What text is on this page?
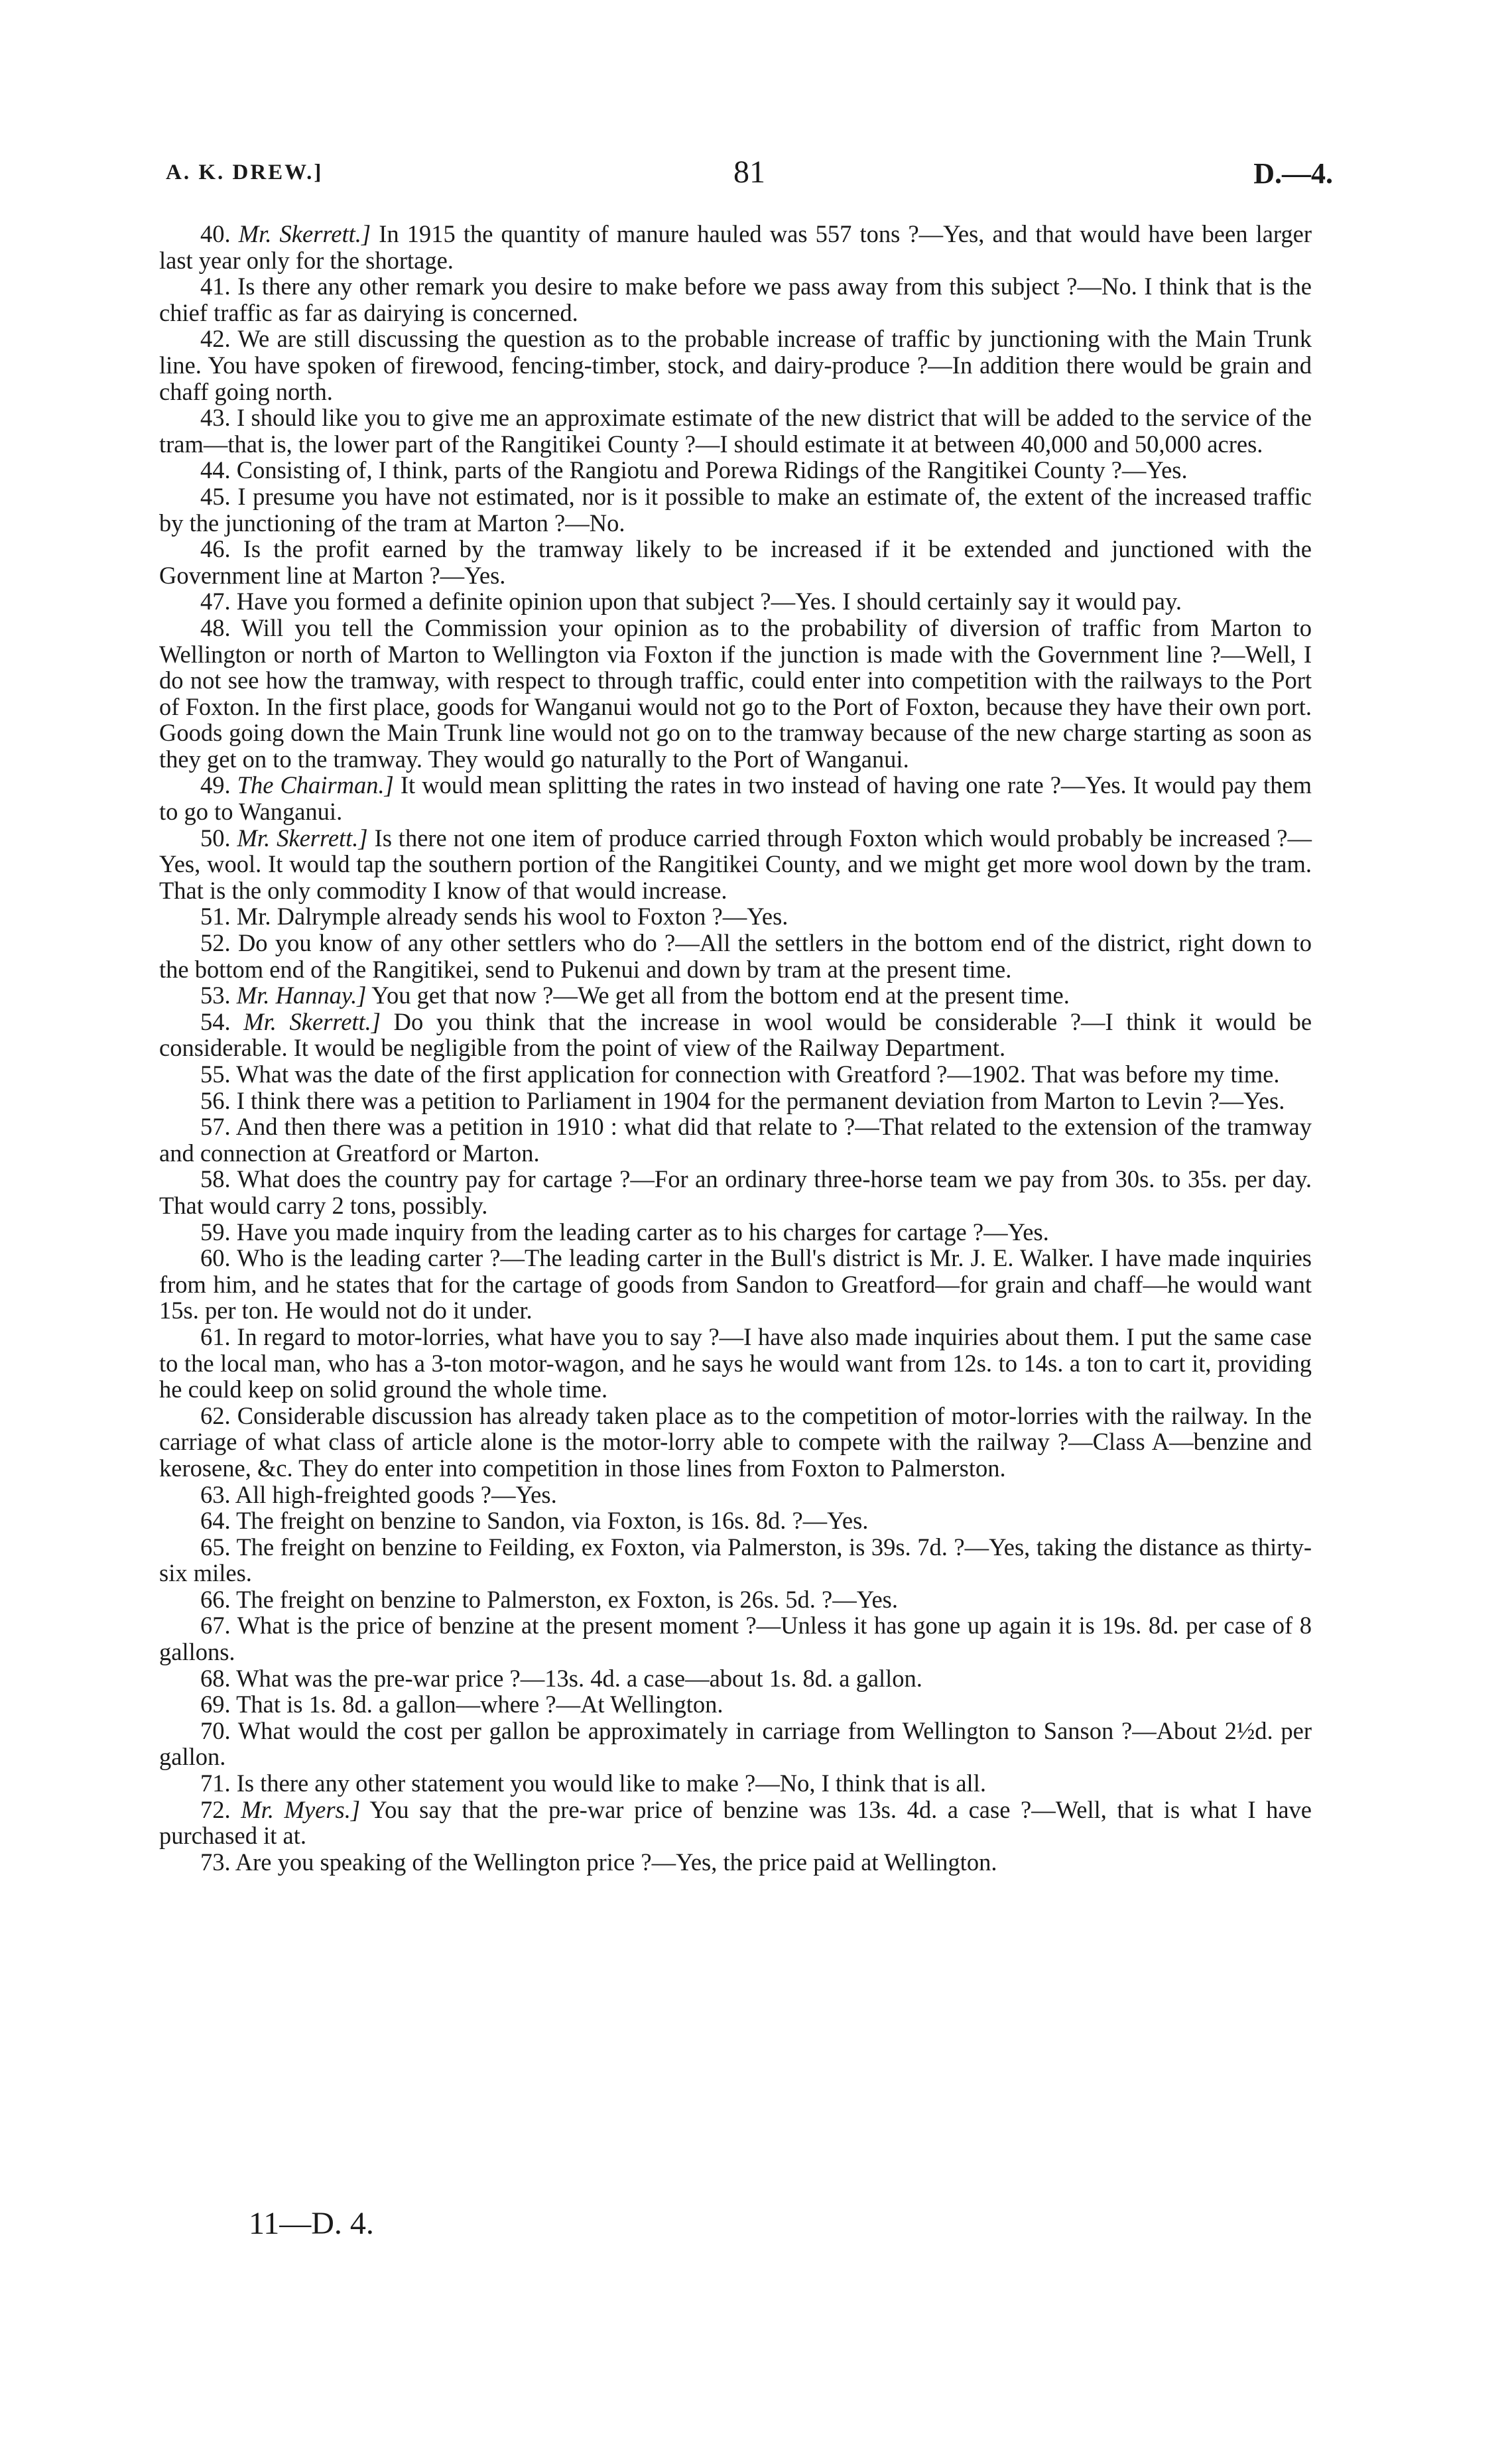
A. K. DREW.]	81	D.—4.

40. Mr. Skerrett.] In 1915 the quantity of manure hauled was 557 tons ?—Yes, and that would have been larger last year only for the shortage.

41. Is there any other remark you desire to make before we pass away from this subject ?—No. I think that is the chief traffic as far as dairying is concerned.

42. We are still discussing the question as to the probable increase of traffic by junctioning with the Main Trunk line. You have spoken of firewood, fencing-timber, stock, and dairy-produce ?—In addition there would be grain and chaff going north.

43. I should like you to give me an approximate estimate of the new district that will be added to the service of the tram—that is, the lower part of the Rangitikei County ?—I should estimate it at between 40,000 and 50,000 acres.

44. Consisting of, I think, parts of the Rangiotu and Porewa Ridings of the Rangitikei County ?—Yes.

45. I presume you have not estimated, nor is it possible to make an estimate of, the extent of the increased traffic by the junctioning of the tram at Marton ?—No.

46. Is the profit earned by the tramway likely to be increased if it be extended and junctioned with the Government line at Marton ?—Yes.

47. Have you formed a definite opinion upon that subject ?—Yes. I should certainly say it would pay.

48. Will you tell the Commission your opinion as to the probability of diversion of traffic from Marton to Wellington or north of Marton to Wellington via Foxton if the junction is made with the Government line ?—Well, I do not see how the tramway, with respect to through traffic, could enter into competition with the railways to the Port of Foxton. In the first place, goods for Wanganui would not go to the Port of Foxton, because they have their own port. Goods going down the Main Trunk line would not go on to the tramway because of the new charge starting as soon as they get on to the tramway. They would go naturally to the Port of Wanganui.

49. The Chairman.] It would mean splitting the rates in two instead of having one rate ?—Yes. It would pay them to go to Wanganui.

50. Mr. Skerrett.] Is there not one item of produce carried through Foxton which would probably be increased ?—Yes, wool. It would tap the southern portion of the Rangitikei County, and we might get more wool down by the tram. That is the only commodity I know of that would increase.

51. Mr. Dalrymple already sends his wool to Foxton ?—Yes.

52. Do you know of any other settlers who do ?—All the settlers in the bottom end of the district, right down to the bottom end of the Rangitikei, send to Pukenui and down by tram at the present time.

53. Mr. Hannay.] You get that now ?—We get all from the bottom end at the present time.

54. Mr. Skerrett.] Do you think that the increase in wool would be considerable ?—I think it would be considerable. It would be negligible from the point of view of the Railway Department.

55. What was the date of the first application for connection with Greatford ?—1902. That was before my time.

56. I think there was a petition to Parliament in 1904 for the permanent deviation from Marton to Levin ?—Yes.

57. And then there was a petition in 1910 : what did that relate to ?—That related to the extension of the tramway and connection at Greatford or Marton.

58. What does the country pay for cartage ?—For an ordinary three-horse team we pay from 30s. to 35s. per day. That would carry 2 tons, possibly.

59. Have you made inquiry from the leading carter as to his charges for cartage ?—Yes.

60. Who is the leading carter ?—The leading carter in the Bull's district is Mr. J. E. Walker. I have made inquiries from him, and he states that for the cartage of goods from Sandon to Greatford—for grain and chaff—he would want 15s. per ton. He would not do it under.

61. In regard to motor-lorries, what have you to say ?—I have also made inquiries about them. I put the same case to the local man, who has a 3-ton motor-wagon, and he says he would want from 12s. to 14s. a ton to cart it, providing he could keep on solid ground the whole time.

62. Considerable discussion has already taken place as to the competition of motor-lorries with the railway. In the carriage of what class of article alone is the motor-lorry able to compete with the railway ?—Class A—benzine and kerosene, &c. They do enter into competition in those lines from Foxton to Palmerston.

63. All high-freighted goods ?—Yes.

64. The freight on benzine to Sandon, via Foxton, is 16s. 8d. ?—Yes.

65. The freight on benzine to Feilding, ex Foxton, via Palmerston, is 39s. 7d. ?—Yes, taking the distance as thirty-six miles.

66. The freight on benzine to Palmerston, ex Foxton, is 26s. 5d. ?—Yes.

67. What is the price of benzine at the present moment ?—Unless it has gone up again it is 19s. 8d. per case of 8 gallons.

68. What was the pre-war price ?—13s. 4d. a case—about 1s. 8d. a gallon.

69. That is 1s. 8d. a gallon—where ?—At Wellington.

70. What would the cost per gallon be approximately in carriage from Wellington to Sanson ?—About 2½d. per gallon.

71. Is there any other statement you would like to make ?—No, I think that is all.

72. Mr. Myers.] You say that the pre-war price of benzine was 13s. 4d. a case ?—Well, that is what I have purchased it at.

73. Are you speaking of the Wellington price ?—Yes, the price paid at Wellington.

11—D. 4.
